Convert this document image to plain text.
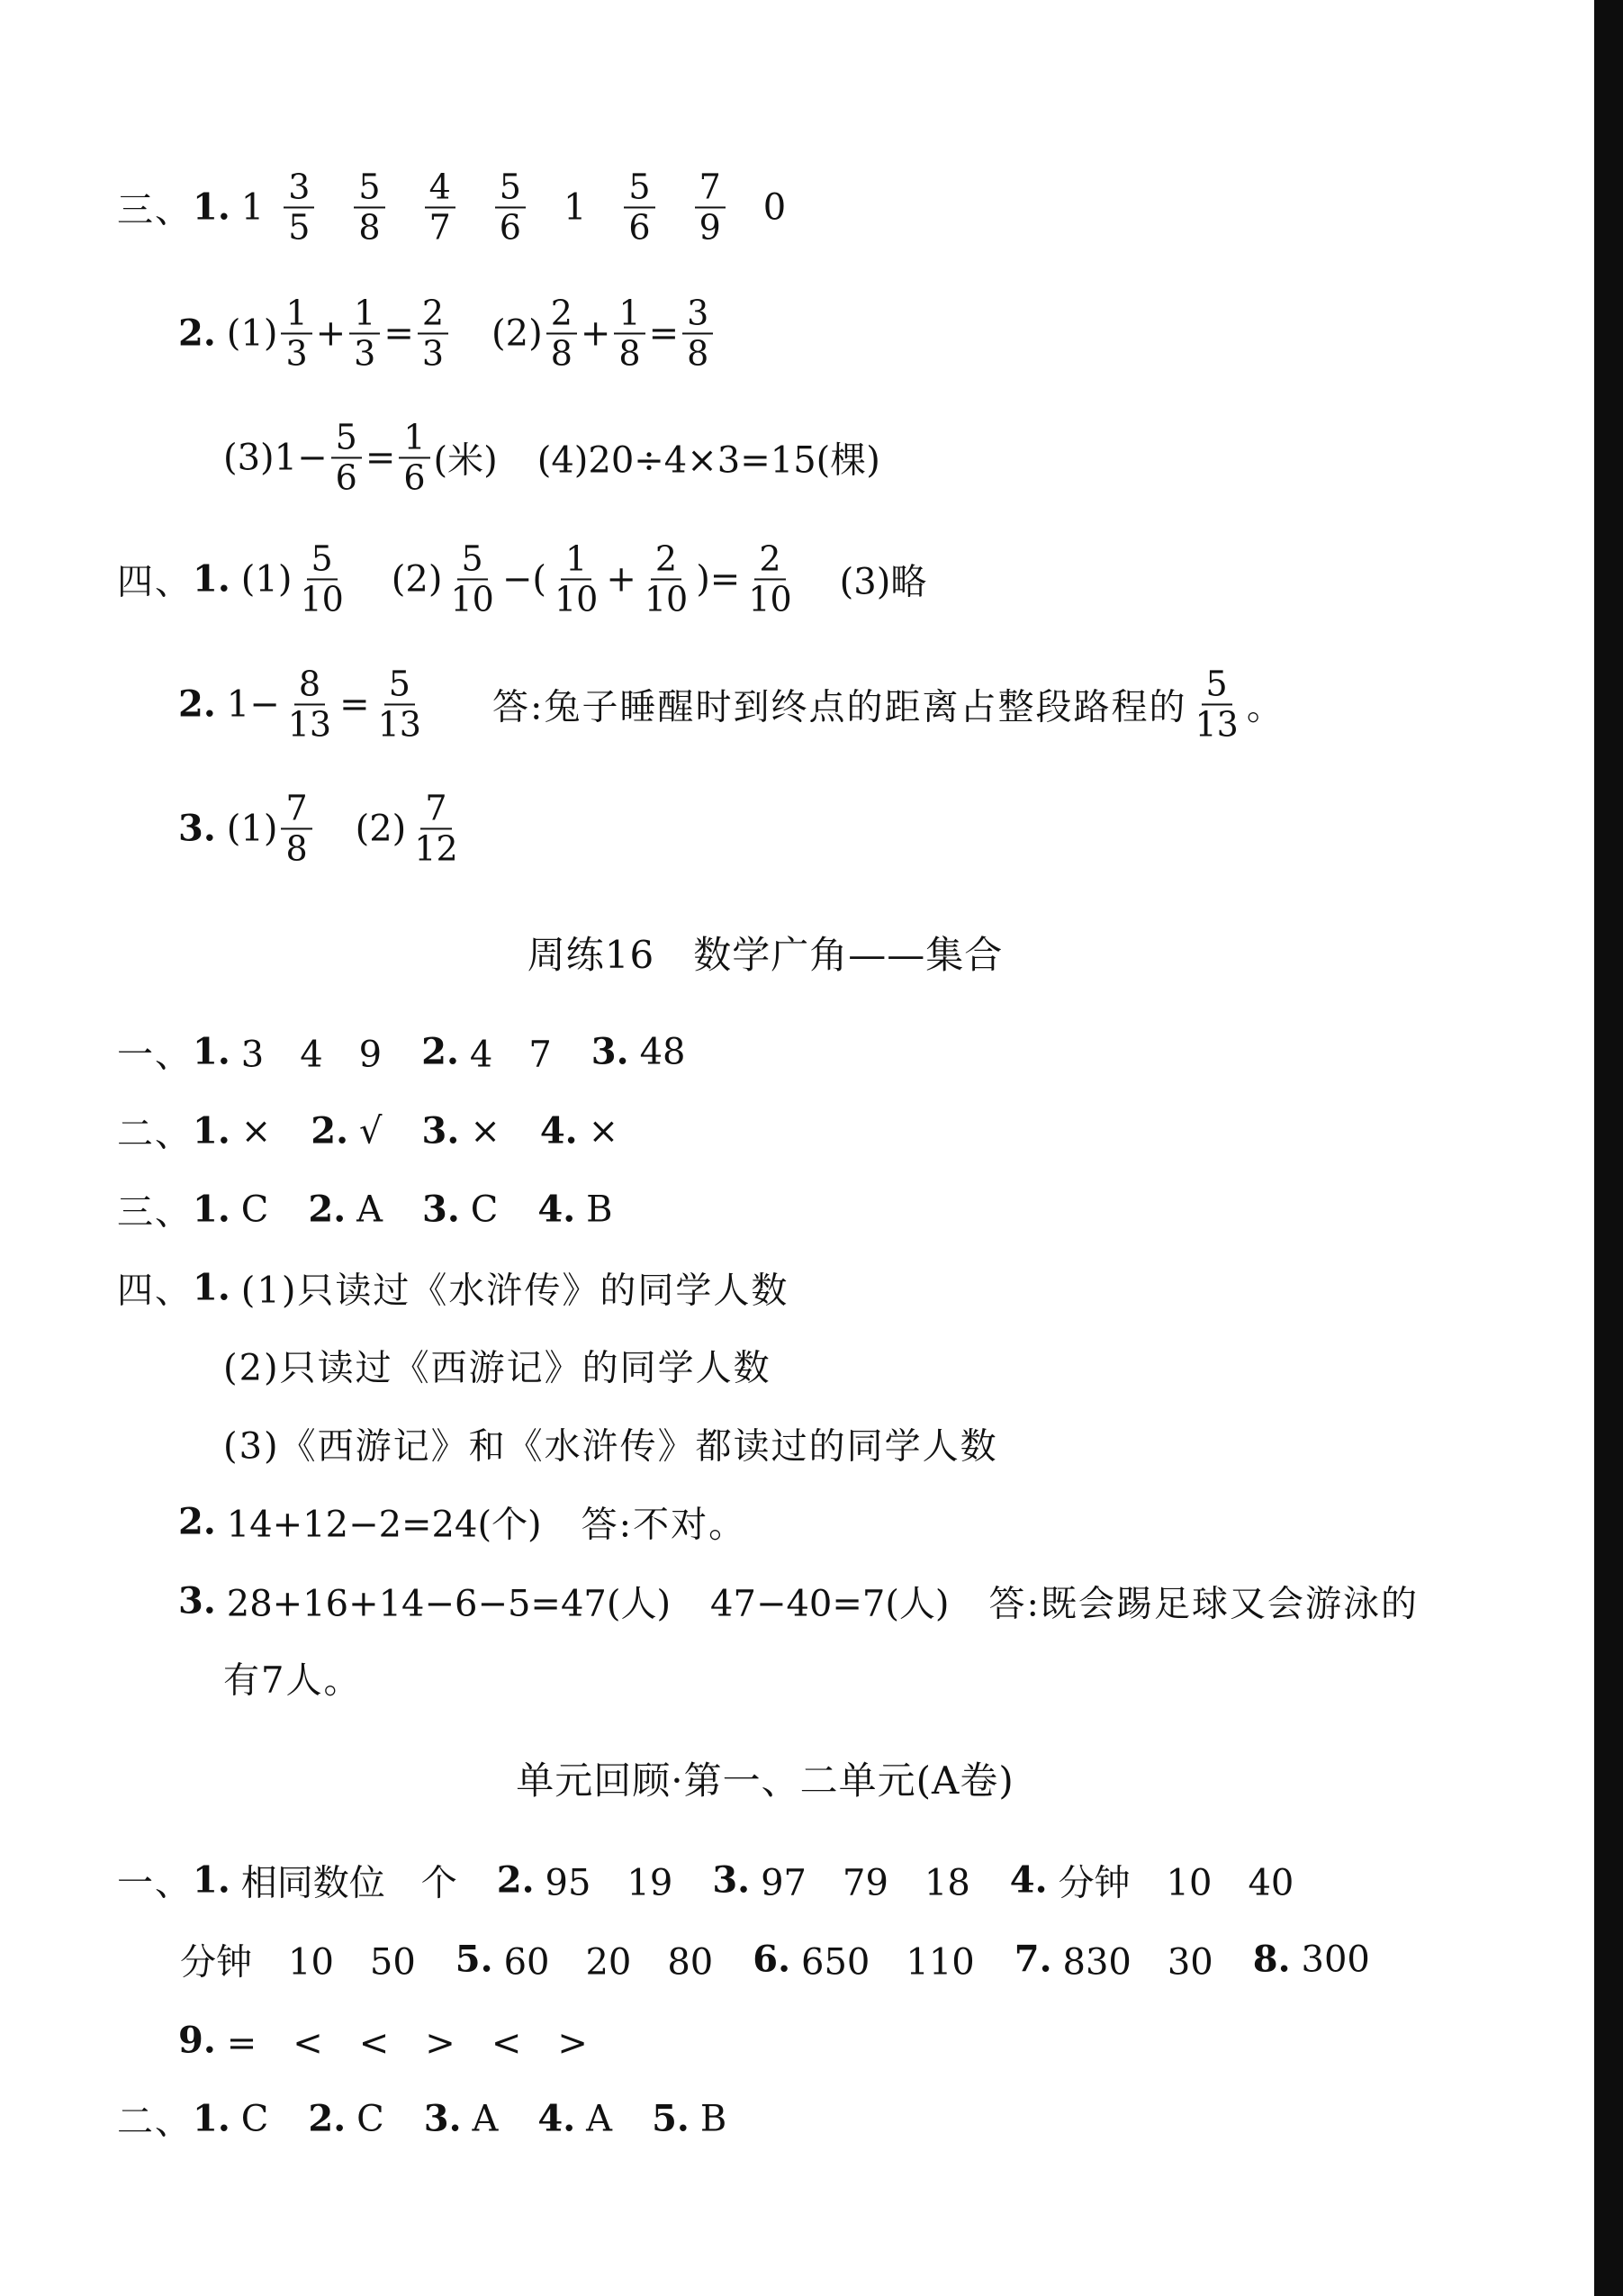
三、 1. $1 \frac{3}{5} \frac{5}{8} \frac{4}{7} \frac{5}{6} 1 \frac{5}{6} \frac{7}{9} 0$
2. $(1) \frac{1}{3} + \frac{1}{3} = \frac{2}{3} (2) \frac{2}{8} + \frac{1}{8} = \frac{3}{8}$
$(3)1- \frac{5}{6} = \frac{1}{6}$ (米) (4)20÷4×3=15(棵)
四、 1. $(1) \frac{5}{10} (2) \frac{5}{10}$ −( $\frac{1}{10} + \frac{2}{10}$ )= $\frac{2}{10} (3)$略
2. $1- \frac{8}{13} = \frac{5}{13}$ 答:兔子睡醒时到终点的距离占整段路程的 $\frac{5}{13}$ 。
3. $(1) \frac{7}{8} (2) \frac{7}{12}$
周练16　数学广角——集合
一、 1. 3　4　9 2. 4　7 3. 48
二、 1. × 2. √ 3. × 4. ×
三、 1. C 2. A 3. C 4. B
四、 1. (1)只读过《水浒传》的同学人数
(2)只读过《西游记》的同学人数
(3)《西游记》和《水浒传》都读过的同学人数
2. 14+12−2=24(个) 答:不对。
3. 28+16+14−6−5=47(人) 47−40=7(人) 答:既会踢足球又会游泳的
有7人。
单元回顾·第一、二单元(A卷)
一、 1. 相同数位　个 2. 95　19 3. 97　79　18 4. 分钟　10　40
分钟　10　50 5. 60　20　80 6. 650　110 7. 830　30 8. 300
9. =　<　<　>　<　>
二、 1. C 2. C 3. A 4. A 5. B
